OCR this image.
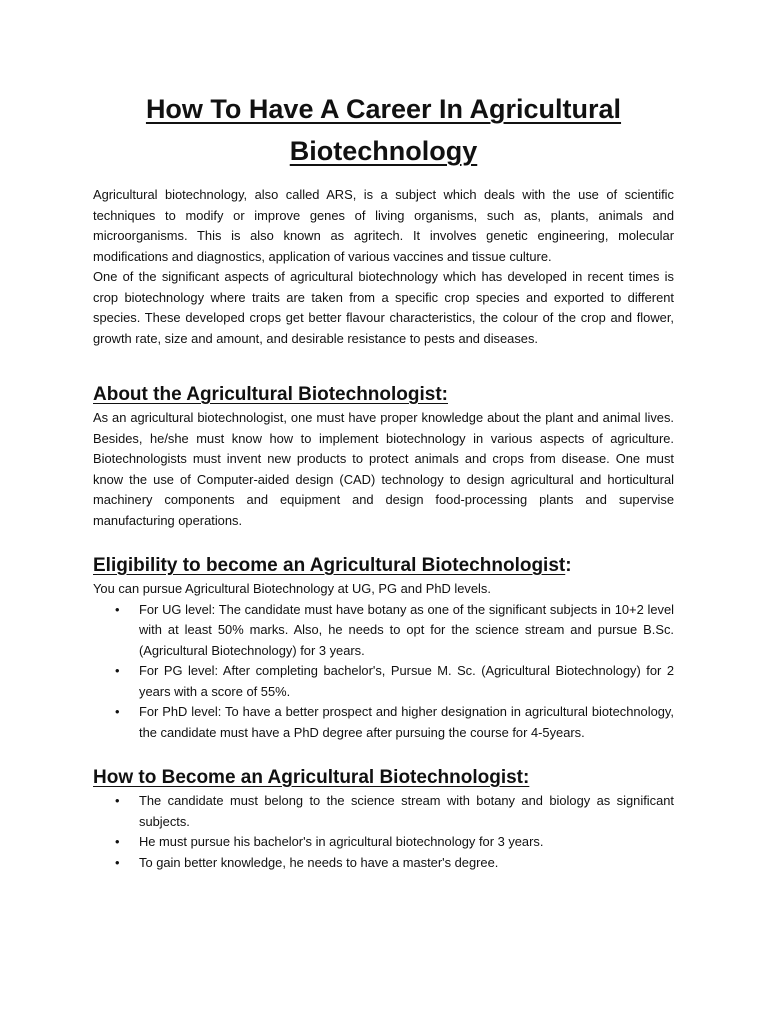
How To Have A Career In Agricultural Biotechnology

Agricultural biotechnology, also called ARS, is a subject which deals with the use of scientific techniques to modify or improve genes of living organisms, such as, plants, animals and microorganisms. This is also known as agritech. It involves genetic engineering, molecular modifications and diagnostics, application of various vaccines and tissue culture.

One of the significant aspects of agricultural biotechnology which has developed in recent times is crop biotechnology where traits are taken from a specific crop species and exported to different species. These developed crops get better flavour characteristics, the colour of the crop and flower, growth rate, size and amount, and desirable resistance to pests and diseases.

About the Agricultural Biotechnologist:

As an agricultural biotechnologist, one must have proper knowledge about the plant and animal lives. Besides, he/she must know how to implement biotechnology in various aspects of agriculture. Biotechnologists must invent new products to protect animals and crops from disease. One must know the use of Computer-aided design (CAD) technology to design agricultural and horticultural machinery components and equipment and design food-processing plants and supervise manufacturing operations.

Eligibility to become an Agricultural Biotechnologist:

You can pursue Agricultural Biotechnology at UG, PG and PhD levels.

• For UG level: The candidate must have botany as one of the significant subjects in 10+2 level with at least 50% marks. Also, he needs to opt for the science stream and pursue B.Sc. (Agricultural Biotechnology) for 3 years.
• For PG level: After completing bachelor's, Pursue M. Sc. (Agricultural Biotechnology) for 2 years with a score of 55%.
• For PhD level: To have a better prospect and higher designation in agricultural biotechnology, the candidate must have a PhD degree after pursuing the course for 4-5years.
How to Become an Agricultural Biotechnologist:
• The candidate must belong to the science stream with botany and biology as significant subjects.
• He must pursue his bachelor's in agricultural biotechnology for 3 years.
• To gain better knowledge, he needs to have a master's degree.
